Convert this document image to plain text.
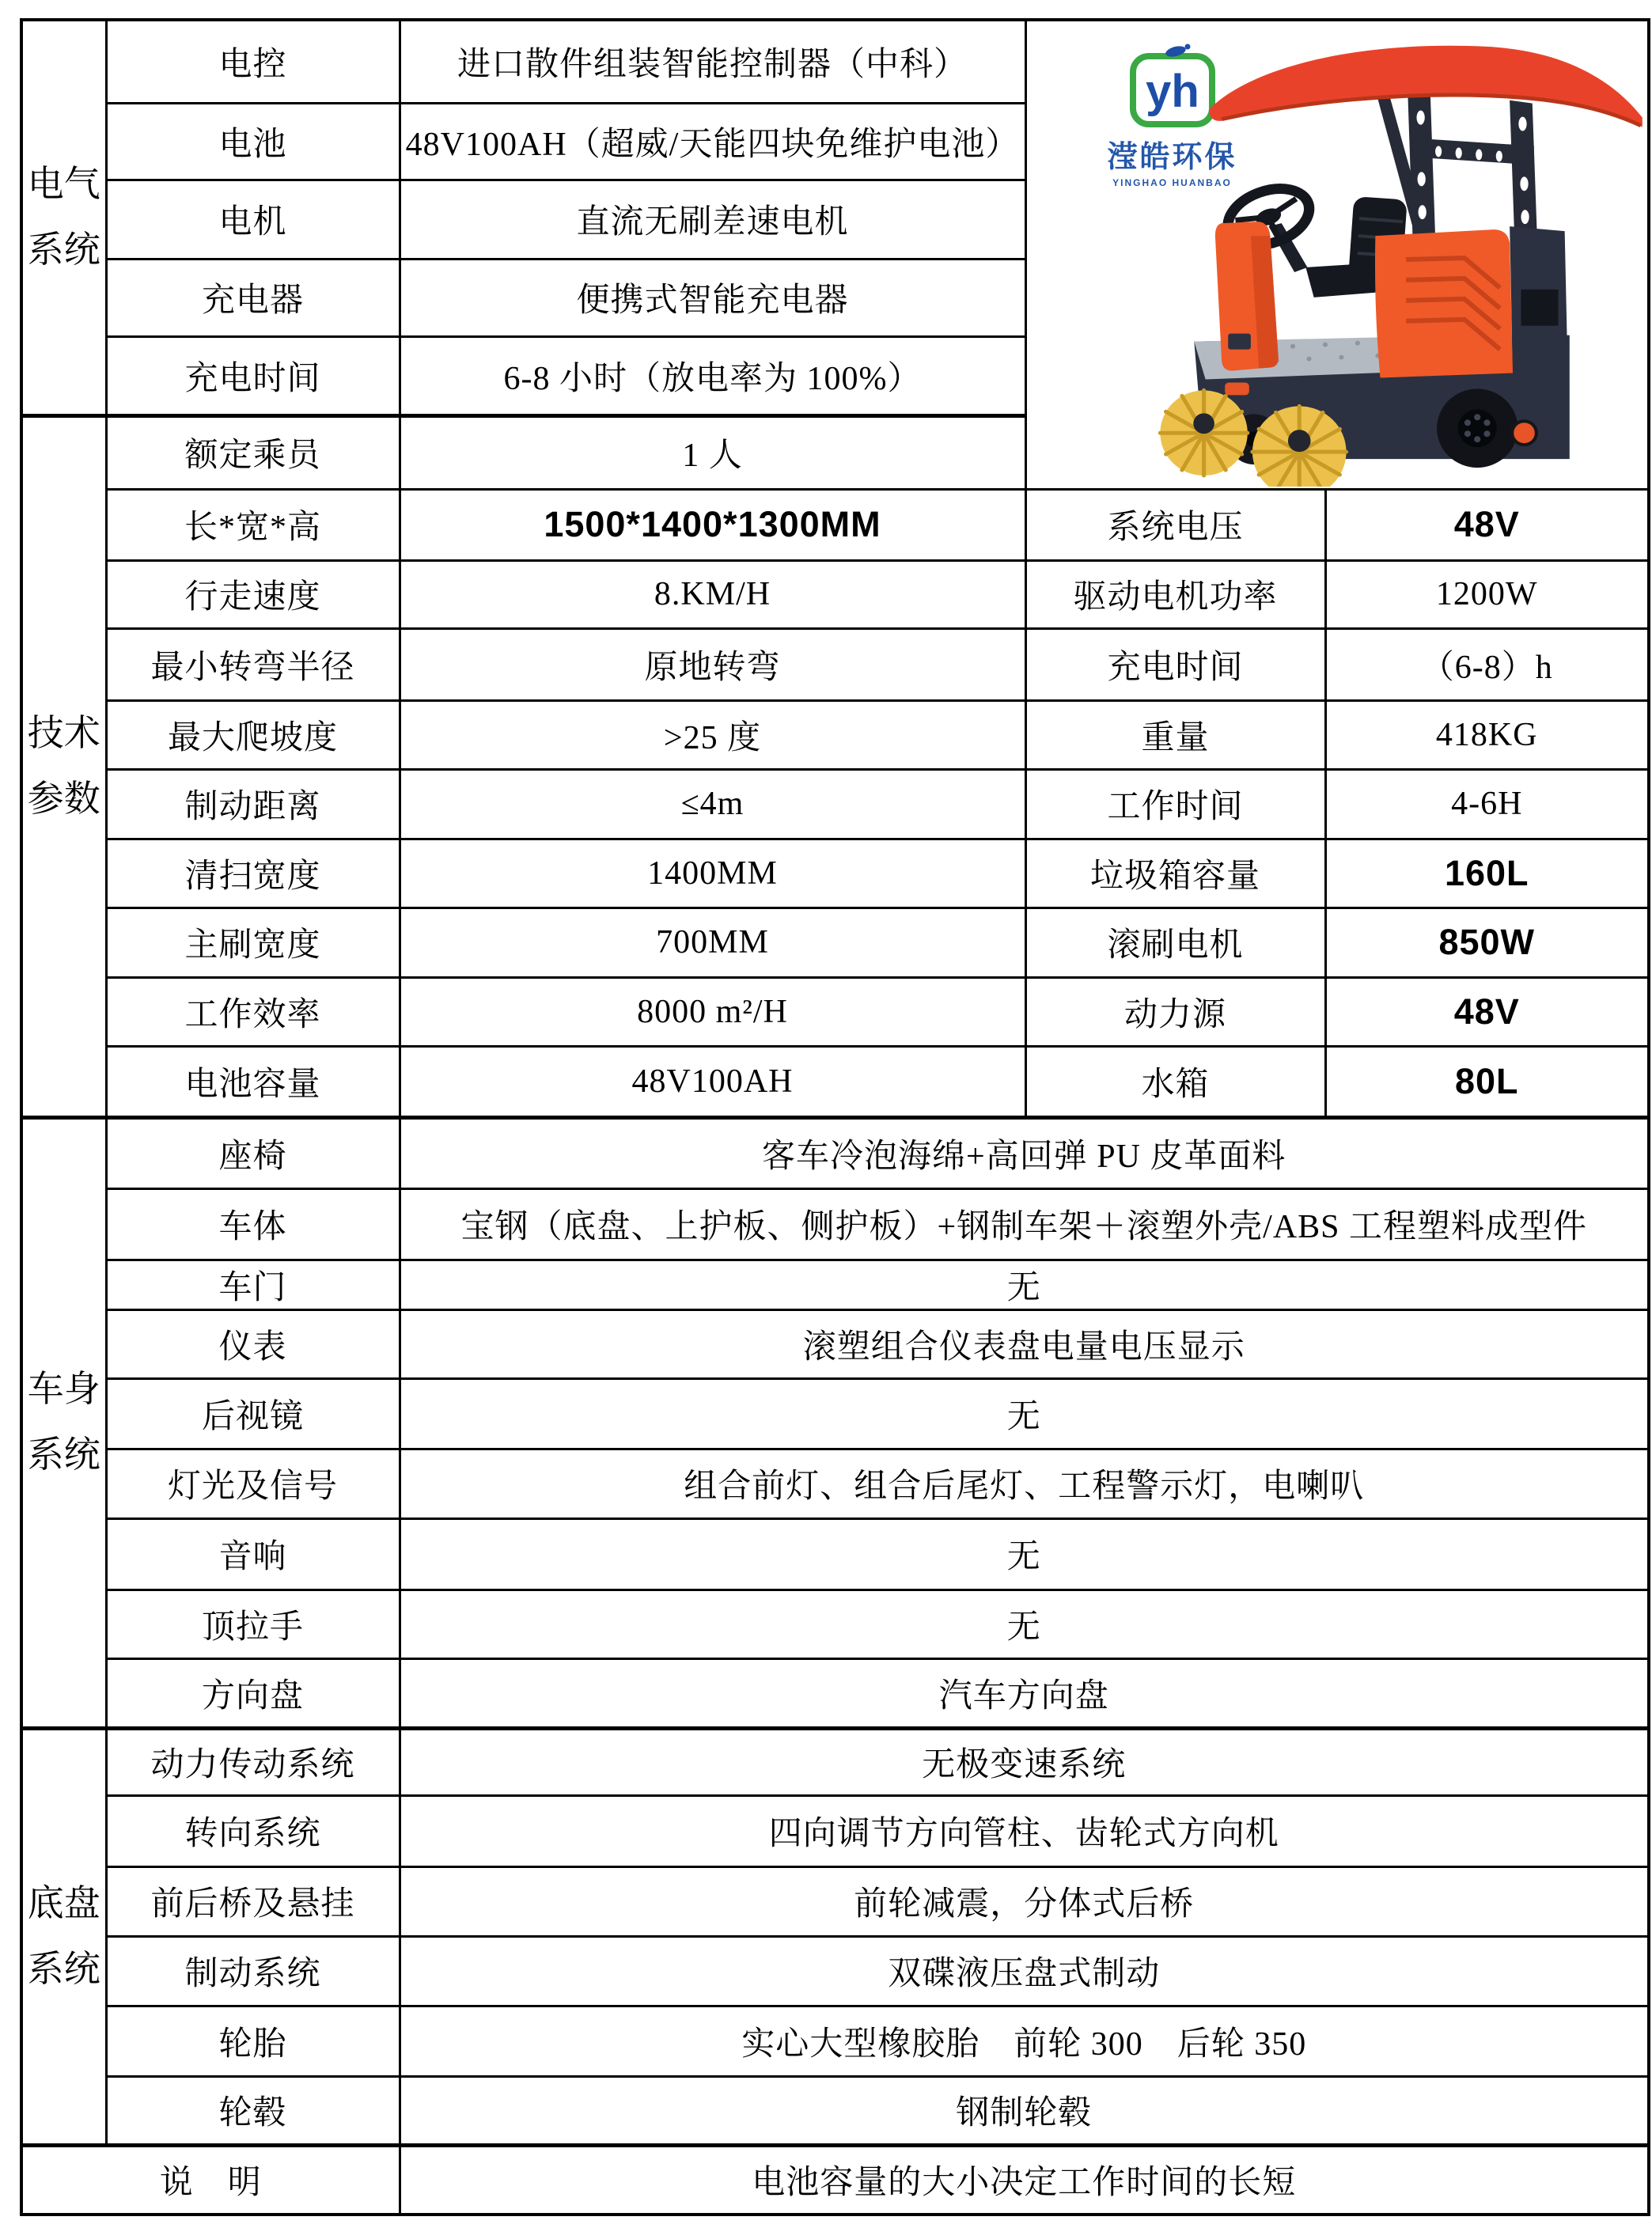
电气系统	电控	进口散件组装智能控制器（中科）	yh
滢皓环保
YINGHAO HUANBAO	

	电池	48V100AH（超威/天能四块免维护电池）		
	电机	直流无刷差速电机		
	充电器	便携式智能充电器		
	充电时间	6-8 小时（放电率为 100%）		
技术参数	额定乘员	1 人		
	长*宽*高	1500*1400*1300MM	系统电压	48V
	行走速度	8.KM/H	驱动电机功率	1200W
	最小转弯半径	原地转弯	充电时间	（6-8）h
	最大爬坡度	>25 度	重量	418KG
	制动距离	≤4m	工作时间	4-6H
	清扫宽度	1400MM	垃圾箱容量	160L
	主刷宽度	700MM	滚刷电机	850W
	工作效率	8000 m²/H	动力源	48V
	电池容量	48V100AH	水箱	80L
车身系统	座椅	客车冷泡海绵+高回弹 PU 皮革面料		
	车体	宝钢（底盘、上护板、侧护板）+钢制车架＋滚塑外壳/ABS 工程塑料成型件		
	车门	无		
	仪表	滚塑组合仪表盘电量电压显示		
	后视镜	无		
	灯光及信号	组合前灯、组合后尾灯、工程警示灯，电喇叭		
	音响	无		
	顶拉手	无		
	方向盘	汽车方向盘		
底盘系统	动力传动系统	无极变速系统		
	转向系统	四向调节方向管柱、齿轮式方向机		
	前后桥及悬挂	前轮减震，分体式后桥		
	制动系统	双碟液压盘式制动		
	轮胎	实心大型橡胶胎　前轮 300　后轮 350		
	轮毂	钢制轮毂		
说　明		电池容量的大小决定工作时间的长短		
